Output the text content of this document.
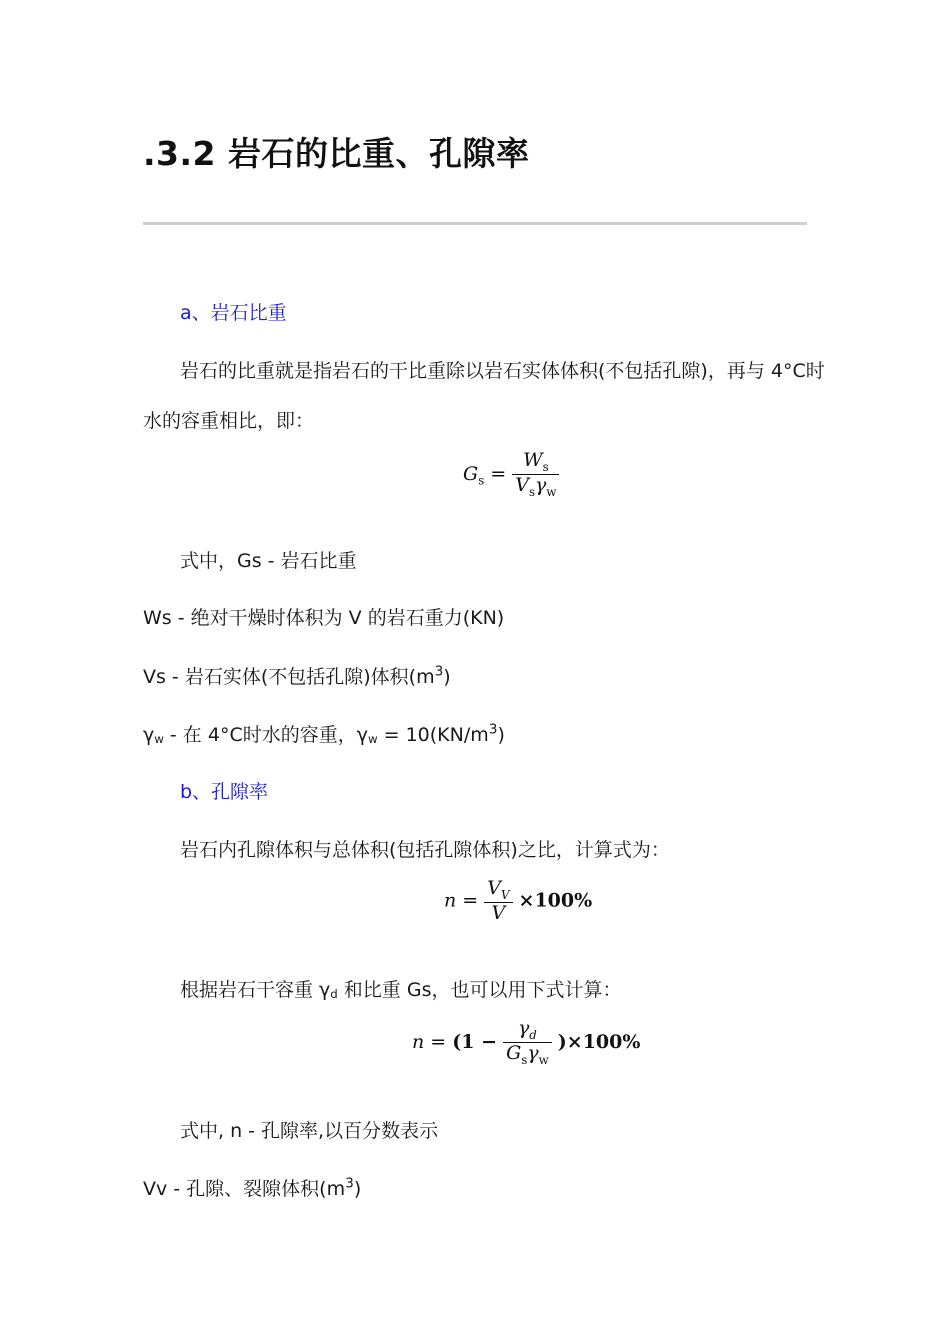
.3.2 岩石的比重、孔隙率
a、岩石比重
岩石的比重就是指岩石的干比重除以岩石实体体积(不包括孔隙)，再与 4°C时
水的容重相比，即：
$G_s = \frac{W_s}{V_s\gamma_w}$
式中，Gs - 岩石比重
Ws - 绝对干燥时体积为 V 的岩石重力(KN)
Vs - 岩石实体(不包括孔隙)体积$(m^3)$
γw - 在 4°C时水的容重，$\gamma w = 10(KN/m^3)$
b、孔隙率
岩石内孔隙体积与总体积(包括孔隙体积)之比，计算式为：
$n = \frac{V_V}{V} \times 100\%$
根据岩石干容重 γd 和比重 Gs，也可以用下式计算：
$n = (1 - \frac{\gamma_d}{G_s\gamma_w} )\times 100\%$
式中, n - 孔隙率,以百分数表示
Vv - 孔隙、裂隙体积$(m^3)$
